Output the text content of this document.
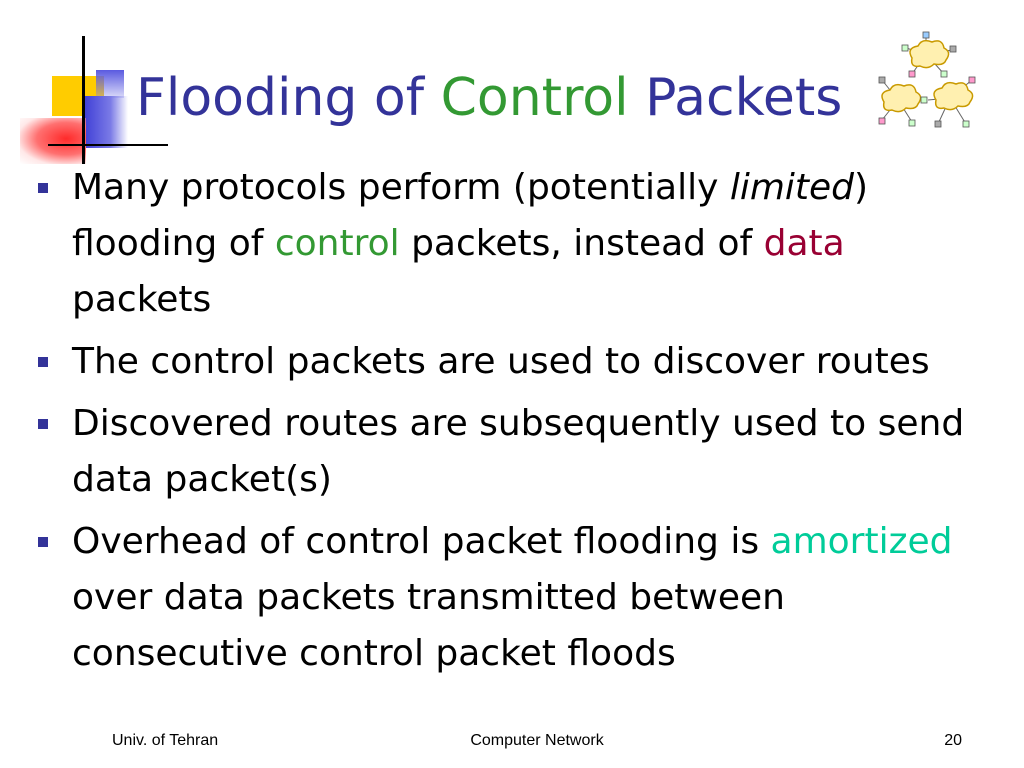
Flooding of Control Packets
Many protocols perform (potentially limited) flooding of control packets, instead of data packets
The control packets are used to discover routes
Discovered routes are subsequently used to send data packet(s)
Overhead of control packet flooding is amortized over data packets transmitted between consecutive control packet floods
Univ. of Tehran	Computer Network	20
